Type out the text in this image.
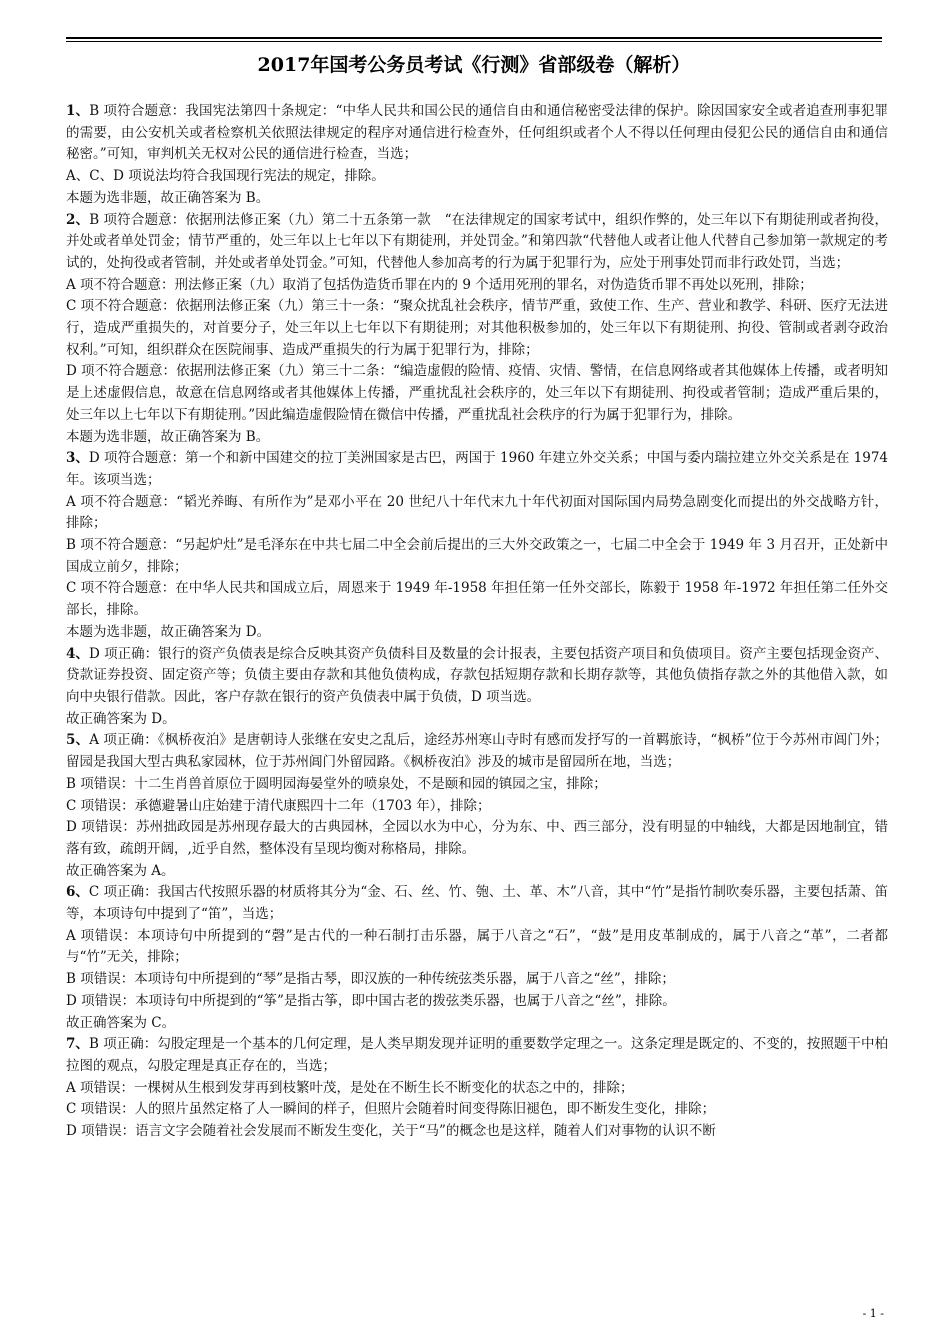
2017年国考公务员考试《行测》省部级卷（解析）

1、B 项符合题意：我国宪法第四十条规定：“中华人民共和国公民的通信自由和通信秘密受法律的保护。除因国家安全或者追查刑事犯罪的需要，由公安机关或者检察机关依照法律规定的程序对通信进行检查外，任何组织或者个人不得以任何理由侵犯公民的通信自由和通信秘密。”可知，审判机关无权对公民的通信进行检查，当选；

A、C、D 项说法均符合我国现行宪法的规定，排除。

本题为选非题，故正确答案为 B。

2、B 项符合题意：依据刑法修正案（九）第二十五条第一款　“在法律规定的国家考试中，组织作弊的，处三年以下有期徒刑或者拘役，并处或者单处罚金；情节严重的，处三年以上七年以下有期徒刑，并处罚金。”和第四款“代替他人或者让他人代替自己参加第一款规定的考试的，处拘役或者管制，并处或者单处罚金。”可知，代替他人参加高考的行为属于犯罪行为，应处于刑事处罚而非行政处罚，当选；

A 项不符合题意：刑法修正案（九）取消了包括伪造货币罪在内的 9 个适用死刑的罪名，对伪造货币罪不再处以死刑，排除；

C 项不符合题意：依据刑法修正案（九）第三十一条：“聚众扰乱社会秩序，情节严重，致使工作、生产、营业和教学、科研、医疗无法进行，造成严重损失的，对首要分子，处三年以上七年以下有期徒刑；对其他积极参加的，处三年以下有期徒刑、拘役、管制或者剥夺政治权利。”可知，组织群众在医院闹事、造成严重损失的行为属于犯罪行为，排除；

D 项不符合题意：依据刑法修正案（九）第三十二条：“编造虚假的险情、疫情、灾情、警情，在信息网络或者其他媒体上传播，或者明知是上述虚假信息，故意在信息网络或者其他媒体上传播，严重扰乱社会秩序的，处三年以下有期徒刑、拘役或者管制；造成严重后果的，处三年以上七年以下有期徒刑。”因此编造虚假险情在微信中传播，严重扰乱社会秩序的行为属于犯罪行为，排除。

本题为选非题，故正确答案为 B。

3、D 项符合题意：第一个和新中国建交的拉丁美洲国家是古巴，两国于 1960 年建立外交关系；中国与委内瑞拉建立外交关系是在 1974 年。该项当选；

A 项不符合题意：“韬光养晦、有所作为”是邓小平在 20 世纪八十年代末九十年代初面对国际国内局势急剧变化而提出的外交战略方针，排除；

B 项不符合题意：“另起炉灶”是毛泽东在中共七届二中全会前后提出的三大外交政策之一，七届二中全会于 1949 年 3 月召开，正处新中国成立前夕，排除；

C 项不符合题意：在中华人民共和国成立后，周恩来于 1949 年-1958 年担任第一任外交部长，陈毅于 1958 年-1972 年担任第二任外交部长，排除。

本题为选非题，故正确答案为 D。

4、D 项正确：银行的资产负债表是综合反映其资产负债科目及数量的会计报表，主要包括资产项目和负债项目。资产主要包括现金资产、贷款证券投资、固定资产等；负债主要由存款和其他负债构成，存款包括短期存款和长期存款等，其他负债指存款之外的其他借入款，如向中央银行借款。因此，客户存款在银行的资产负债表中属于负债，D 项当选。

故正确答案为 D。

5、A 项正确：《枫桥夜泊》是唐朝诗人张继在安史之乱后，途经苏州寒山寺时有感而发抒写的一首羁旅诗，“枫桥”位于今苏州市阊门外；留园是我国大型古典私家园林，位于苏州阊门外留园路。《枫桥夜泊》涉及的城市是留园所在地，当选；

B 项错误：十二生肖兽首原位于圆明园海晏堂外的喷泉处，不是颐和园的镇园之宝，排除；

C 项错误：承德避暑山庄始建于清代康熙四十二年（1703 年），排除；

D 项错误：苏州拙政园是苏州现存最大的古典园林，全园以水为中心，分为东、中、西三部分，没有明显的中轴线，大都是因地制宜，错落有致，疏朗开阔，,近乎自然，整体没有呈现均衡对称格局，排除。

故正确答案为 A。

6、C 项正确：我国古代按照乐器的材质将其分为“金、石、丝、竹、匏、土、革、木”八音，其中“竹”是指竹制吹奏乐器，主要包括萧、笛等，本项诗句中提到了“笛”，当选；

A 项错误：本项诗句中所提到的“磬”是古代的一种石制打击乐器，属于八音之“石”，“鼓”是用皮革制成的，属于八音之“革”，二者都与“竹”无关，排除；

B 项错误：本项诗句中所提到的“琴”是指古琴，即汉族的一种传统弦类乐器，属于八音之“丝”，排除；

D 项错误：本项诗句中所提到的“筝”是指古筝，即中国古老的拨弦类乐器，也属于八音之“丝”，排除。

故正确答案为 C。

7、B 项正确：勾股定理是一个基本的几何定理，是人类早期发现并证明的重要数学定理之一。这条定理是既定的、不变的，按照题干中柏拉图的观点，勾股定理是真正存在的，当选；

A 项错误：一棵树从生根到发芽再到枝繁叶茂，是处在不断生长不断变化的状态之中的，排除；

C 项错误：人的照片虽然定格了人一瞬间的样子，但照片会随着时间变得陈旧褪色，即不断发生变化，排除；

D 项错误：语言文字会随着社会发展而不断发生变化，关于“马”的概念也是这样，随着人们对事物的认识不断

- 1 -
